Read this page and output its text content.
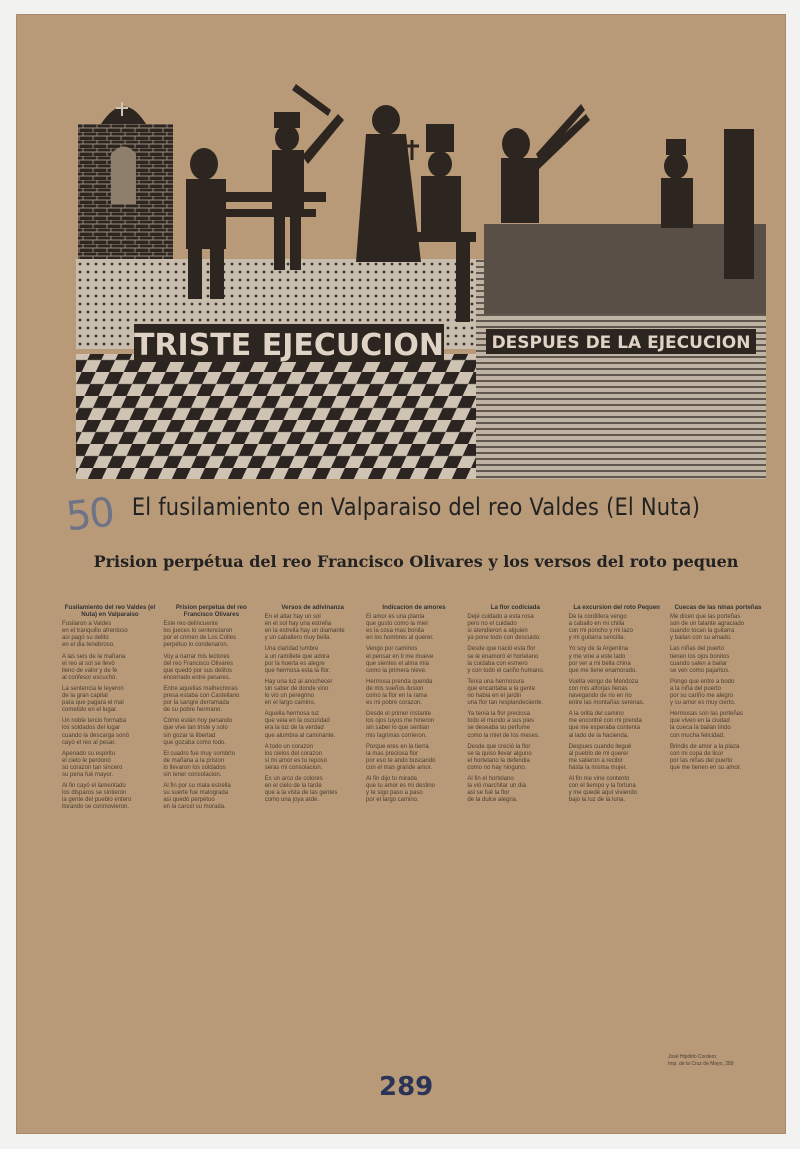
TRISTE EJECUCION	DESPUES DE LA EJECUCION
50 El fusilamiento en Valparaiso del reo Valdes (El Nuta)
Prision perpétua del reo Francisco Olivares y los versos del roto pequen
Fusilamiento del reo Valdes (el Nuta) en Valparaiso
Fusilaron a Valdes
en el tranquillo afrentoso
asi pagó su delito
en el dia tenebroso.
A las seis de la mañana
el reo al sol se llevó
lleno de valor y de fe
al confesor escuchó.
La sentencia le leyeron
de la gran capital
para que pagara el mal
cometido en el lugar.
Un noble tercio formaba
los soldados del lugar
cuando la descarga sonó
cayó el reo al pesar.
Apenado su espiritu
el cielo le perdonó
su corazon tan sincero
su pena fué mayor.
Al fin cayó el lamentado
los disparos se sintieron
la gente del pueblo entero
llorando se conmovieron.
Prision perpetua del reo Francisco Olivares
Este reo delincuente
los jueces lo sentenciaron
por el crimen de Los Colles
perpétuo lo condenaron.
Voy a narrar mis lectores
del reo Francisco Olivares
que quedó por sus delitos
encerrado entre pesares.
Entre aquellas malhechoras
presa estaba con Castellano
por la sangre derramada
de su pobre hermano.
Cómo están hoy penando
que vive tan triste y solo
sin gozar la libertad
que gozaba como todo.
El cuadro fue muy sombrío
de mañana a la prision
lo llevaron los soldados
sin tener consolacion.
Al fin por su mala estrella
su suerte fue malograda
asi quedó perpétuo
en la carcel su morada.
Versos de adivinanza
En el altar hay un sol
en el sol hay una estrella
en la estrella hay un diamante
y un caballero muy bella.
Una claridad lumbre
a un ramillete que adora
por la huerta es alegre
que hermosa esta la flor.
Hay una luz al anochecer
sin saber de donde vino
lo vió un peregrino
en el largo camino.
Aquella hermosa luz
que veia en la oscuridad
era la luz de la verdad
que alumbra al caminante.
A todo un corazon
los cielos del corazon
si mi amor es tu reposo
seras mi consolacion.
Es un arco de colores
en el cielo de la tarde
que a la vista de las gentes
como una joya arde.
Indicacion de amores
El amor es una planta
que gusto como la miel
es la cosa mas bonita
en los hombres al querer.
Vengo por caminos
el pensar en ti me mueve
que sientes el alma mia
como la primera nieve.
Hermosa prenda querida
de mis sueños ilusion
como la flor en la rama
es mi pobre corazon.
Desde el primer instante
los ojos tuyos me hirieron
sin saber lo que sentian
mis lagrimas corrieron.
Porque eres en la tierra
la mas preciosa flor
por eso te ando buscando
con el mas grande amor.
Al fin dijo tu mirada
que tu amor es mi destino
y te sigo paso a paso
por el largo camino.
La flor codiciada
Dejé cuidado a esta rosa
pero no el cuidado
si atendieron a alguien
ya pone todo con descuido.
Desde que nació esta flor
se le enamoró el hortelano
la cuidaba con esmero
y con todo el cariño humano.
Tenía una hermosura
que encantaba a la gente
no habia en el jardin
una flor tan resplandeciente.
Ya tenía la flor preciosa
todo el mundo a sus pies
se deseaba su perfume
como la miel de los meses.
Desde que creció la flor
se la quiso llevar alguno
el hortelano la defendia
como no hay ninguno.
Al fin el hortelano
la vió marchitar un dia
asi se fué la flor
de la dulce alegria.
La excursion del roto Pequen
De la cordillera vengo
a caballo en mi chilla
con mi poncho y mi lazo
y mi guitarra sencilla.
Yo soy de la Argentina
y me vine a este lado
por ver a mi bella china
que me tiene enamorado.
Vuelta vengo de Mendoza
con mis alforjas llenas
navegando de rio en rio
entre las montañas serenas.
A la orilla del camino
me encontré con mi prenda
que me esperaba contenta
al lado de la hacienda.
Despues cuando llegué
al pueblo de mi querer
me salieron a recibir
hasta la misma mujer.
Al fin me vine contento
con el tiempo y la fortuna
y me quedé aquí viviendo
bajo la luz de la luna.
Cuecas de las ninas porteñas
Me dicen que las porteñas
son de un talante agraciado
cuando tocan la guitarra
y bailan con su amado.
Las niñas del puerto
tienen los ojos bonitos
cuando salen a bailar
se ven como pajaritos.
Pongo que entre a bodo
a la niña del puerto
por su cariño me alegro
y su amor es muy cierto.
Hermosas son las porteñas
que viven en la ciudad
la cueca la bailan lindo
con mucha felicidad.
Brindis de amor a la plaza
con mi copa de licor
por las niñas del puerto
que me tienen en su amor.
José Hipólito Cordero
Imp. de la Cruz de Mayo, 289
289
